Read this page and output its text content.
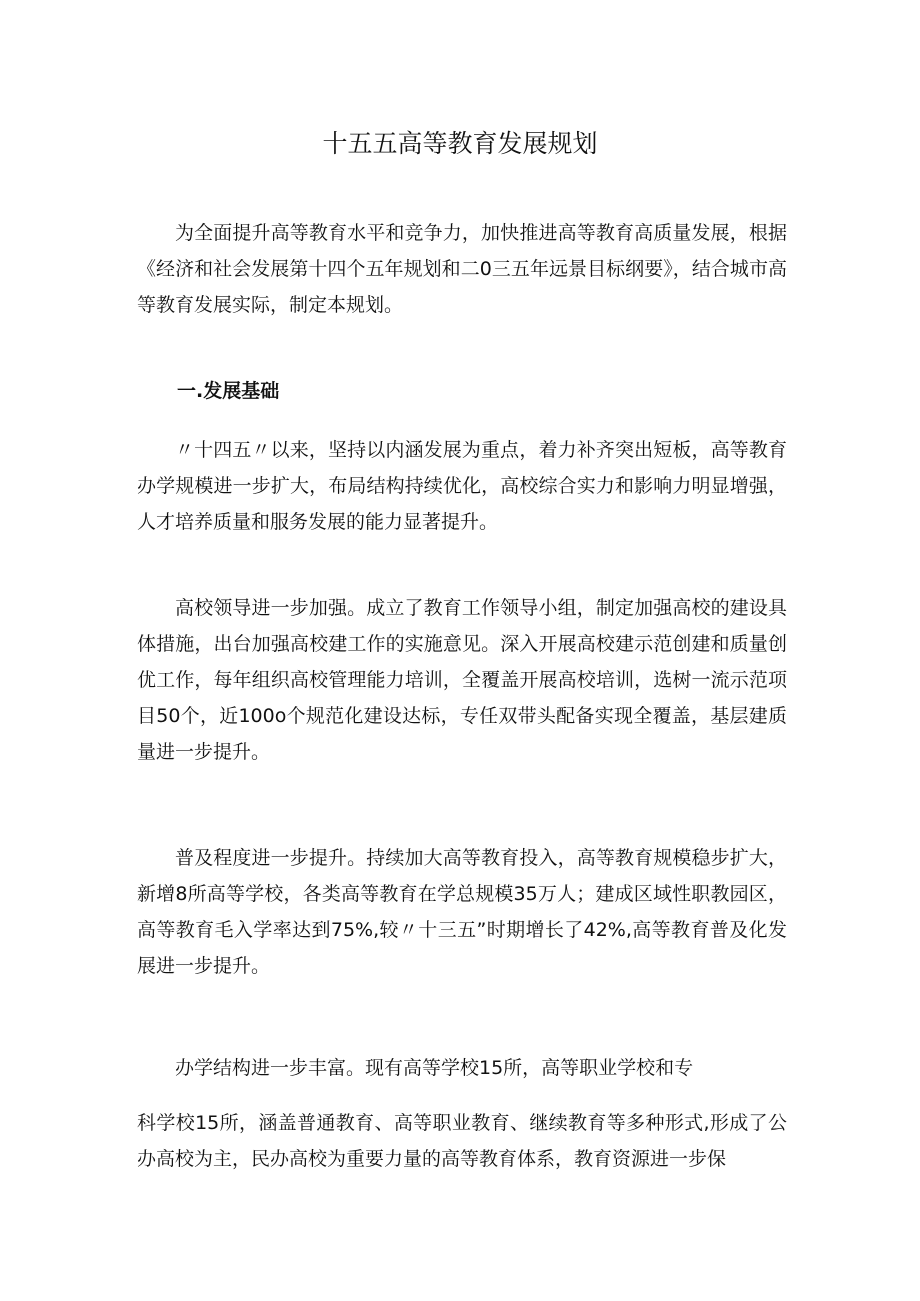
十五五高等教育发展规划

为全面提升高等教育水平和竞争力，加快推进高等教育高质量发展，根据《经济和社会发展第十四个五年规划和二0三五年远景目标纲要》，结合城市高等教育发展实际，制定本规划。

一.发展基础

〃十四五〃以来，坚持以内涵发展为重点，着力补齐突出短板，高等教育办学规模进一步扩大，布局结构持续优化，高校综合实力和影响力明显增强，人才培养质量和服务发展的能力显著提升。

高校领导进一步加强。成立了教育工作领导小组，制定加强高校的建设具体措施，出台加强高校建工作的实施意见。深入开展高校建示范创建和质量创优工作，每年组织高校管理能力培训，全覆盖开展高校培训，选树一流示范项目50个，近100o个规范化建设达标，专任双带头配备实现全覆盖，基层建质量进一步提升。

普及程度进一步提升。持续加大高等教育投入，高等教育规模稳步扩大，新增8所高等学校，各类高等教育在学总规模35万人；建成区域性职教园区，高等教育毛入学率达到75%,较〃十三五”时期增长了42%,高等教育普及化发展进一步提升。

办学结构进一步丰富。现有高等学校15所，高等职业学校和专

科学校15所，涵盖普通教育、高等职业教育、继续教育等多种形式,形成了公办高校为主，民办高校为重要力量的高等教育体系，教育资源进一步保
